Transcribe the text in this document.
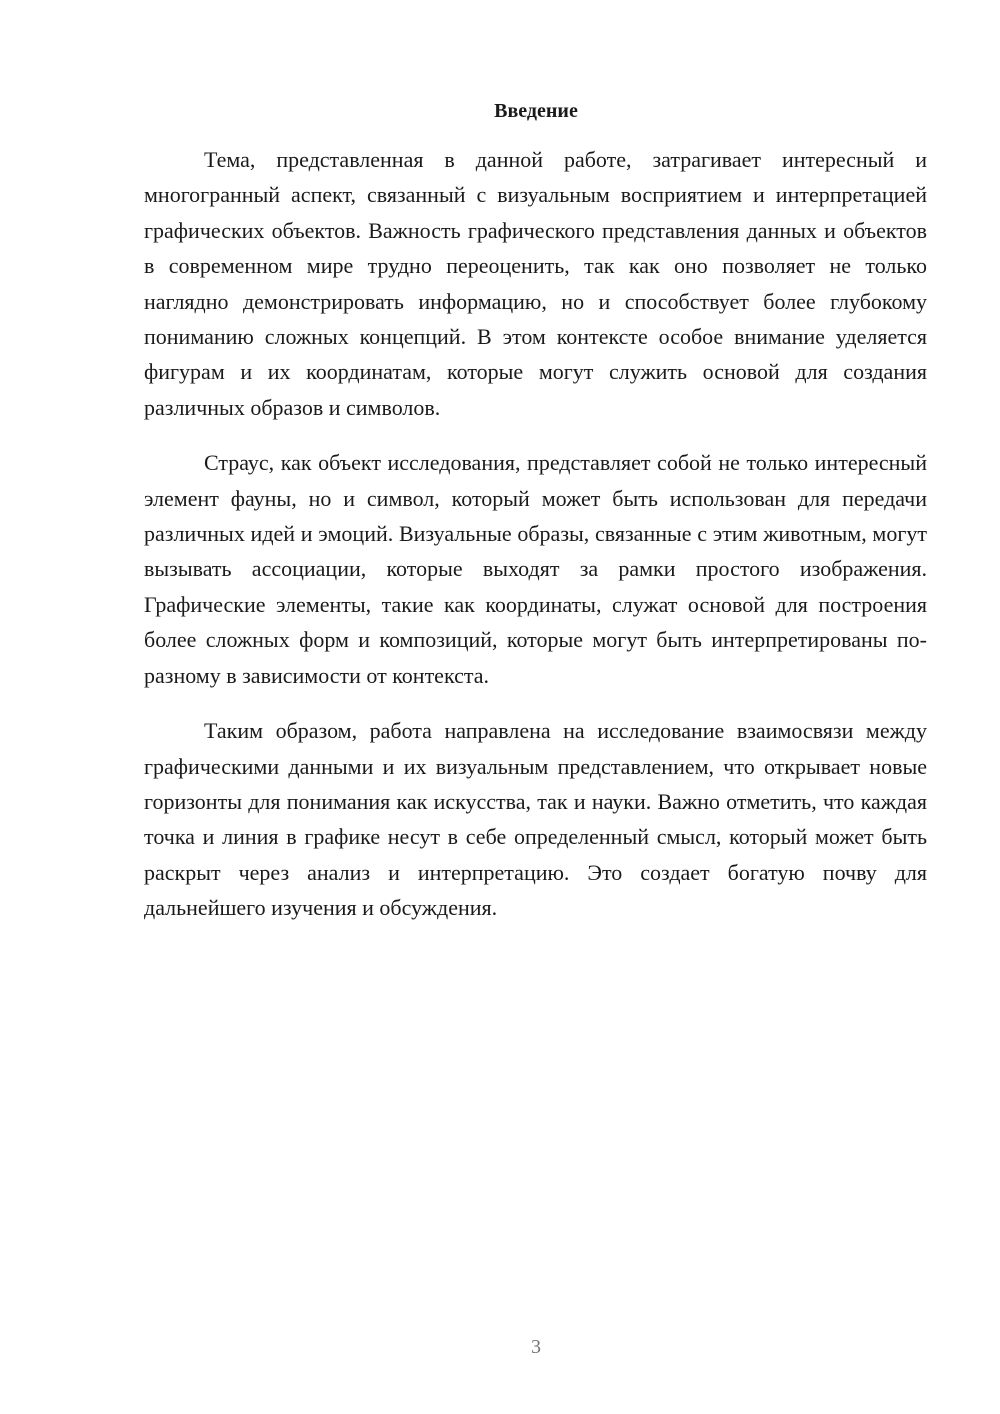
Введение

Тема, представленная в данной работе, затрагивает интересный и многогранный аспект, связанный с визуальным восприятием и интерпретацией графических объектов. Важность графического представления данных и объектов в современном мире трудно переоценить, так как оно позволяет не только наглядно демонстрировать информацию, но и способствует более глубокому пониманию сложных концепций. В этом контексте особое внимание уделяется фигурам и их координатам, которые могут служить основой для создания различных образов и символов.

Страус, как объект исследования, представляет собой не только интересный элемент фауны, но и символ, который может быть использован для передачи различных идей и эмоций. Визуальные образы, связанные с этим животным, могут вызывать ассоциации, которые выходят за рамки простого изображения. Графические элементы, такие как координаты, служат основой для построения более сложных форм и композиций, которые могут быть интерпретированы по-разному в зависимости от контекста.

Таким образом, работа направлена на исследование взаимосвязи между графическими данными и их визуальным представлением, что открывает новые горизонты для понимания как искусства, так и науки. Важно отметить, что каждая точка и линия в графике несут в себе определенный смысл, который может быть раскрыт через анализ и интерпретацию. Это создает богатую почву для дальнейшего изучения и обсуждения.

3
